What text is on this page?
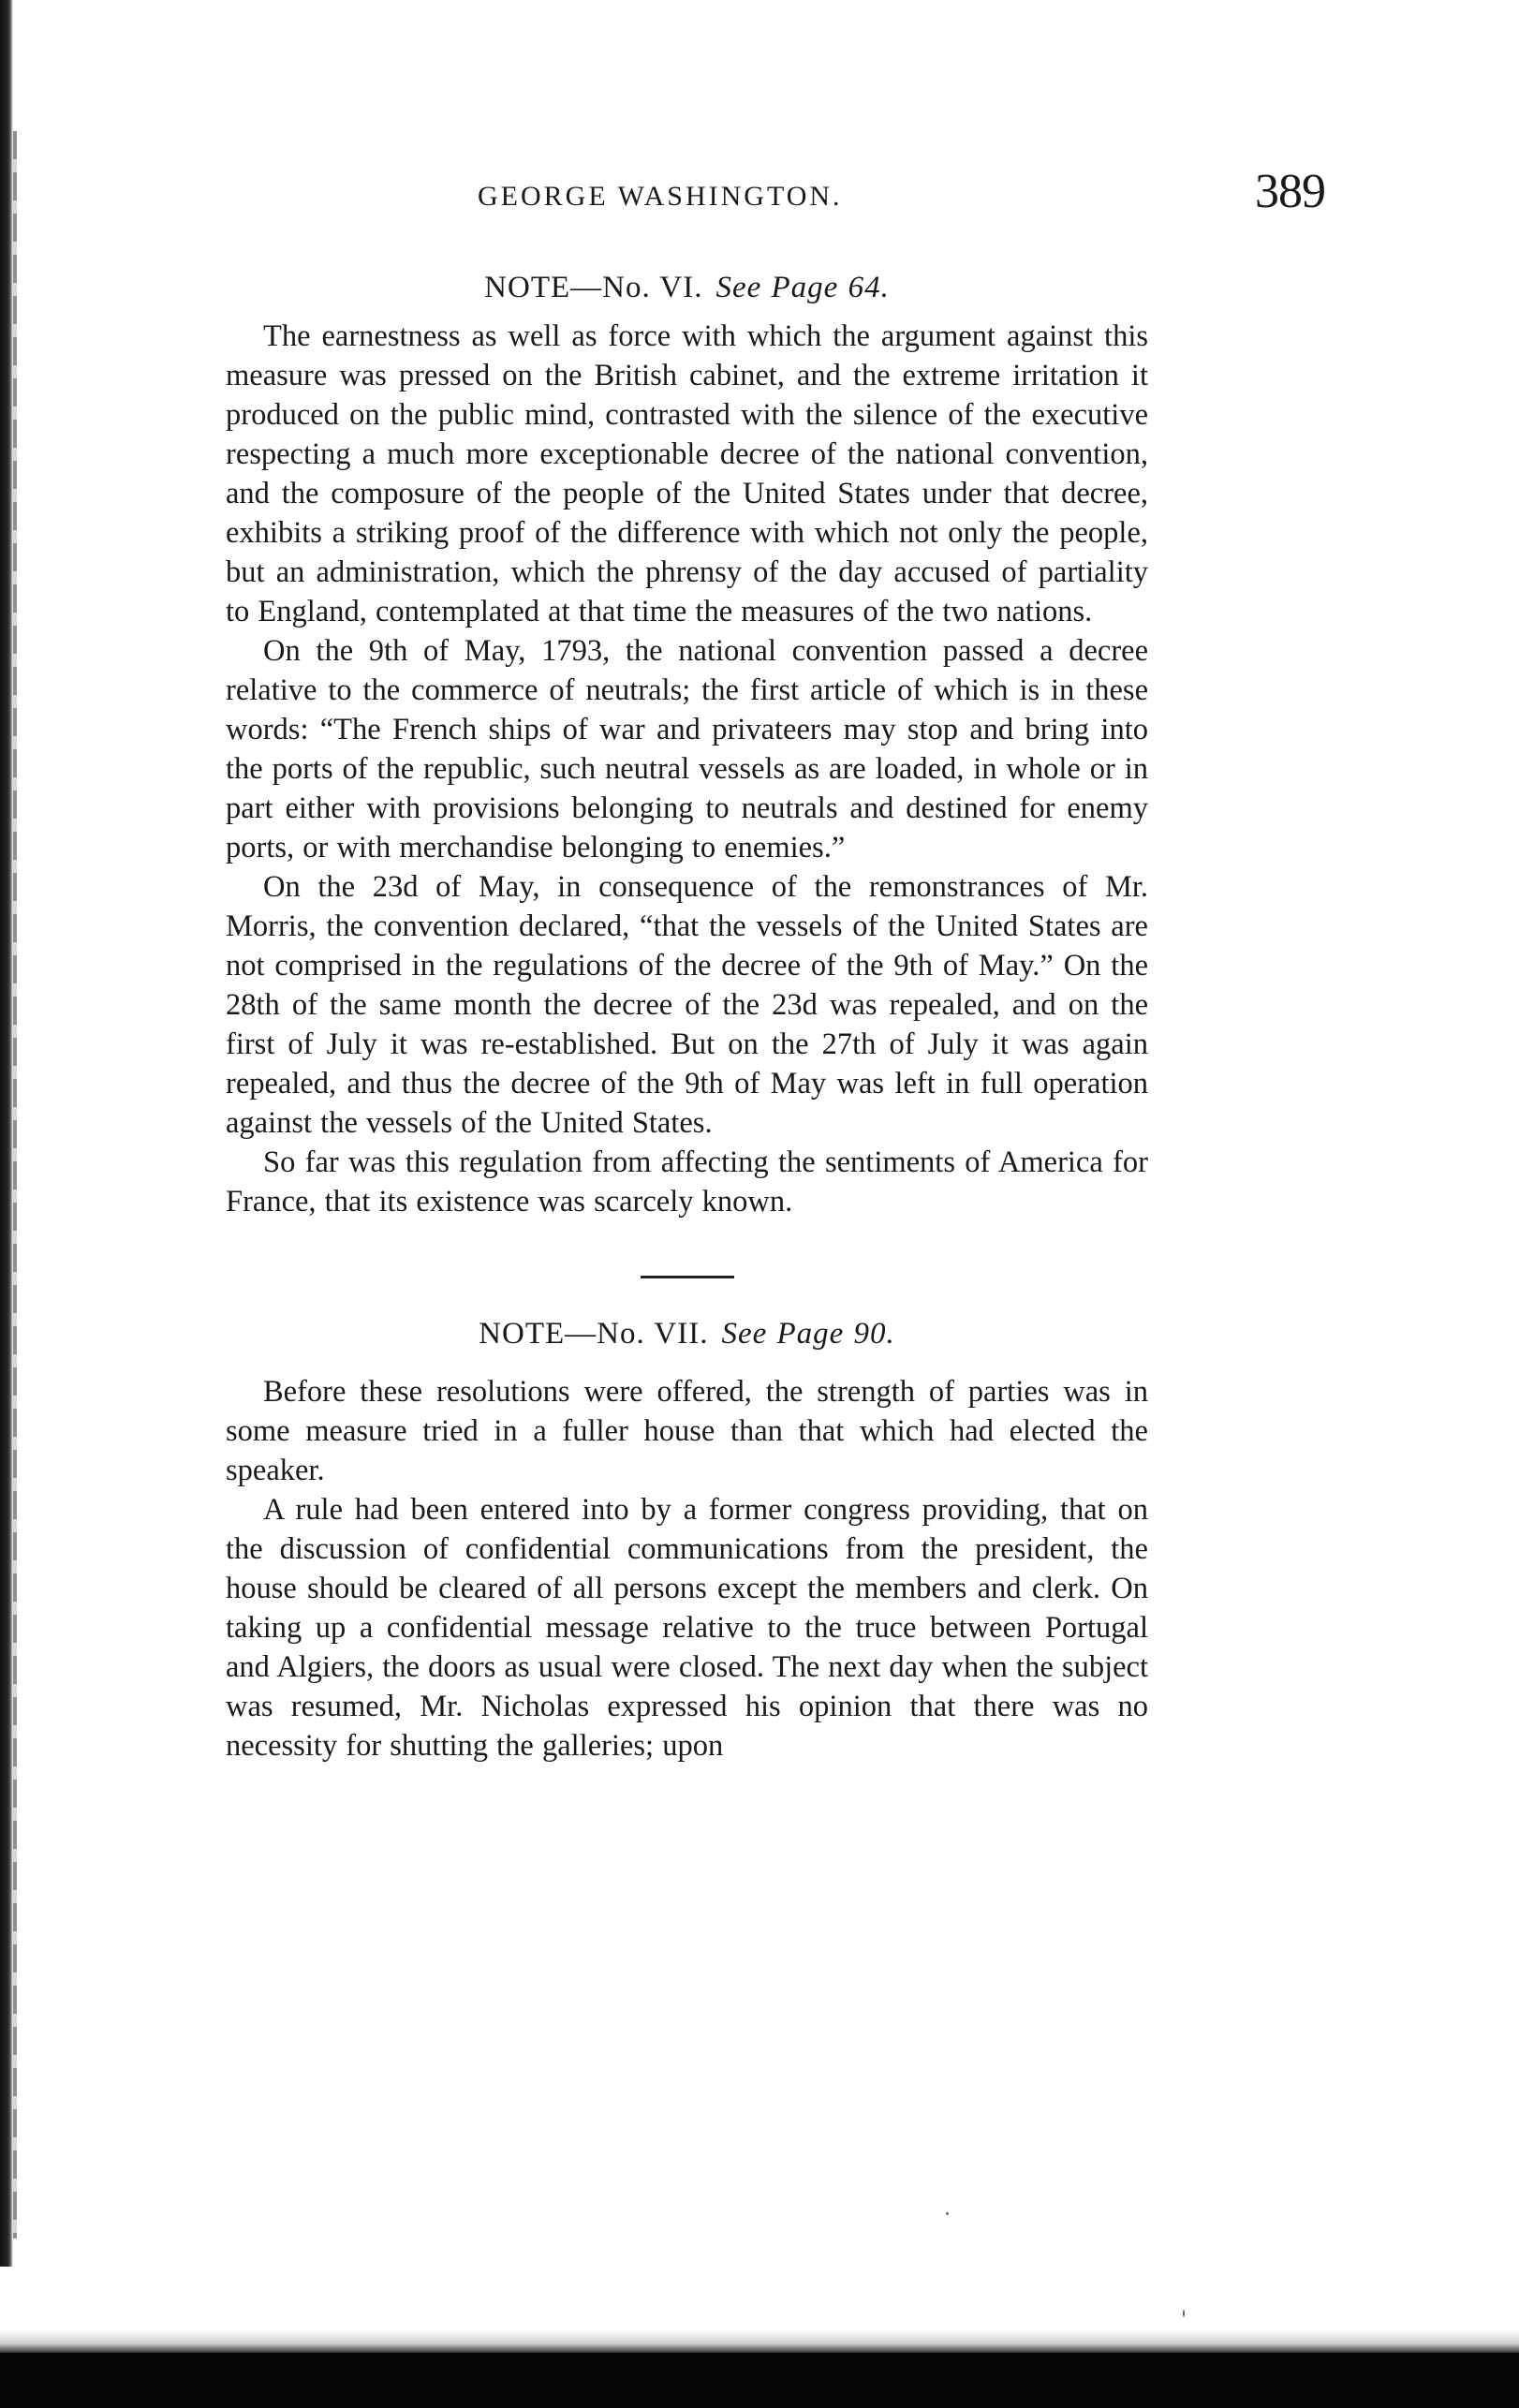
GEORGE WASHINGTON.	389
NOTE—No. VI. See Page 64.

The earnestness as well as force with which the argument against this measure was pressed on the British cabinet, and the extreme irritation it produced on the public mind, contrasted with the silence of the executive respecting a much more exceptionable decree of the national convention, and the composure of the people of the United States under that decree, exhibits a striking proof of the difference with which not only the people, but an administration, which the phrensy of the day accused of partiality to England, contemplated at that time the measures of the two nations.

On the 9th of May, 1793, the national convention passed a decree relative to the commerce of neutrals; the first article of which is in these words: “The French ships of war and privateers may stop and bring into the ports of the republic, such neutral vessels as are loaded, in whole or in part either with provisions belonging to neutrals and destined for enemy ports, or with merchandise belonging to enemies.”

On the 23d of May, in consequence of the remonstrances of Mr. Morris, the convention declared, “that the vessels of the United States are not comprised in the regulations of the decree of the 9th of May.” On the 28th of the same month the decree of the 23d was repealed, and on the first of July it was re-established. But on the 27th of July it was again repealed, and thus the decree of the 9th of May was left in full operation against the vessels of the United States.

So far was this regulation from affecting the sentiments of America for France, that its existence was scarcely known.

NOTE—No. VII. See Page 90.

Before these resolutions were offered, the strength of parties was in some measure tried in a fuller house than that which had elected the speaker.

A rule had been entered into by a former congress providing, that on the discussion of confidential communications from the president, the house should be cleared of all persons except the members and clerk. On taking up a confidential message relative to the truce between Portugal and Algiers, the doors as usual were closed. The next day when the subject was resumed, Mr. Nicholas expressed his opinion that there was no necessity for shutting the galleries; upon
